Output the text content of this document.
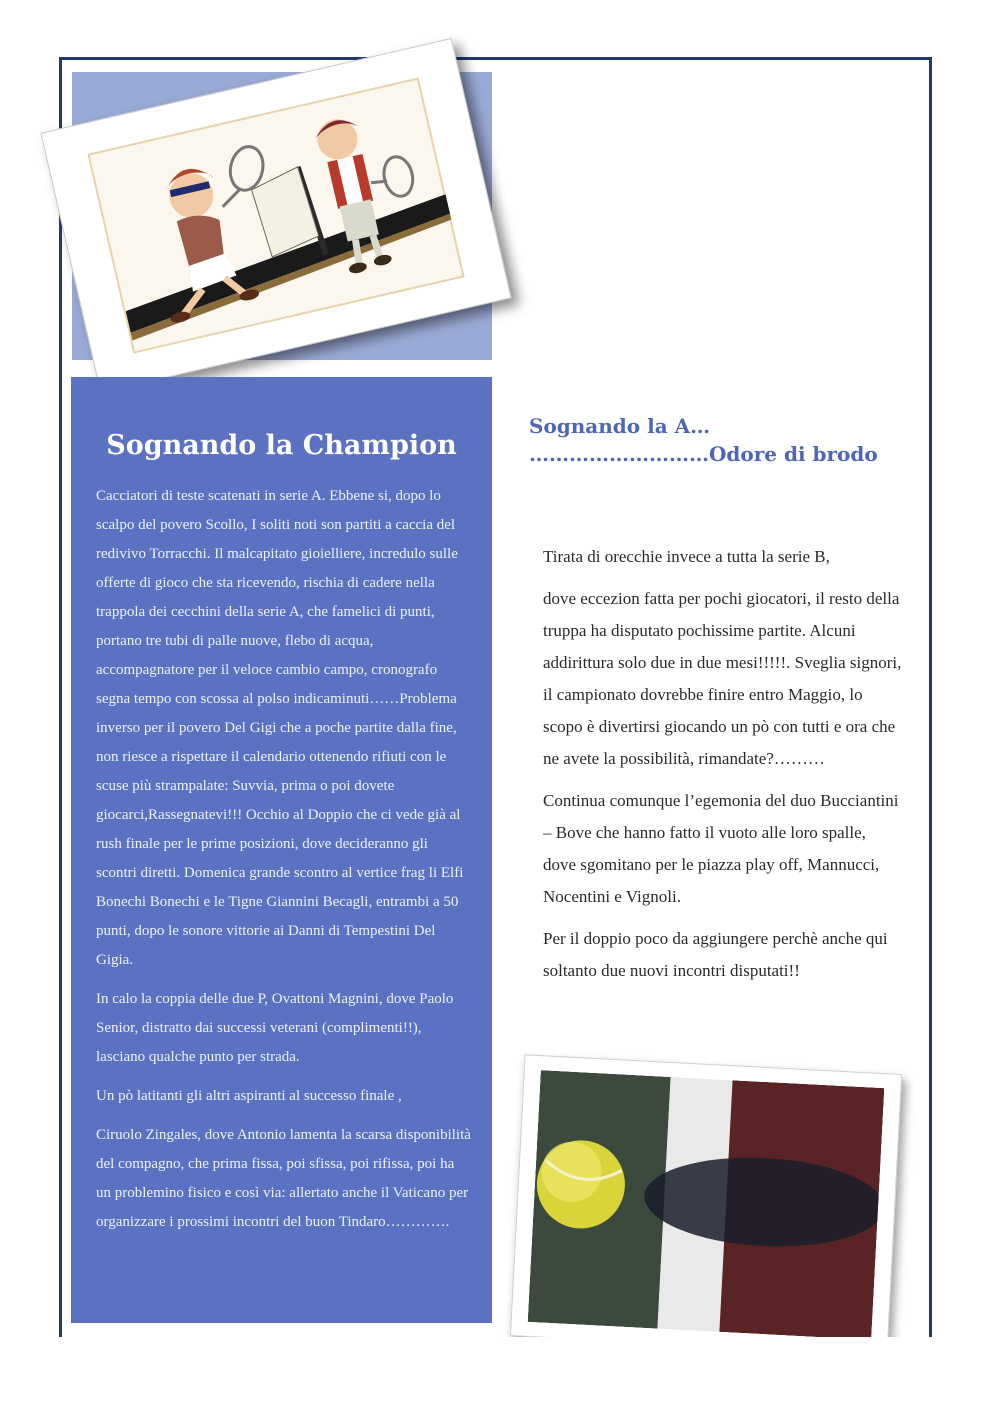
Sognando la Champion

Cacciatori di teste scatenati in serie A. Ebbene si, dopo lo scalpo del povero Scollo, I soliti noti son partiti a caccia del redivivo Torracchi. Il malcapitato gioielliere, incredulo sulle offerte di gioco che sta ricevendo, rischia di cadere nella trappola dei cecchini della serie A, che famelici di punti, portano tre tubi di palle nuove, flebo di acqua, accompagnatore per il veloce cambio campo, cronografo segna tempo con scossa al polso indicaminuti……Problema inverso per il povero Del Gigi che a poche partite dalla fine, non riesce a rispettare il calendario ottenendo rifiuti con le scuse più strampalate: Suvvia, prima o poi dovete giocarci,Rassegnatevi!!! Occhio al Doppio che ci vede già al rush finale per le prime posizioni, dove decideranno gli scontri diretti. Domenica grande scontro al vertice frag li Elfi Bonechi Bonechi e le Tigne Giannini Becagli, entrambi a 50 punti, dopo le sonore vittorie ai Danni di Tempestini Del Gigia.

In calo la coppia delle due P, Ovattoni Magnini, dove Paolo Senior, distratto dai successi veterani (complimenti!!), lasciano qualche punto per strada.

Un pò latitanti gli altri aspiranti al successo finale ,

Ciruolo Zingales, dove Antonio lamenta la scarsa disponibilità del compagno, che prima fissa, poi sfissa, poi rifissa, poi ha un problemino fisico e così via: allertato anche il Vaticano per organizzare i prossimi incontri del buon Tindaro………….

Sognando la A…
………………………Odore di brodo

Tirata di orecchie invece a tutta la serie B,

dove eccezion fatta per pochi giocatori, il resto della truppa ha disputato pochissime partite. Alcuni addirittura solo due in due mesi!!!!!. Sveglia signori, il campionato dovrebbe finire entro Maggio, lo scopo è divertirsi giocando un pò con tutti e ora che ne avete la possibilità, rimandate?………

Continua comunque l’egemonia del duo Bucciantini – Bove che hanno fatto il vuoto alle loro spalle, dove sgomitano per le piazza play off, Mannucci, Nocentini e Vignoli.

Per il doppio poco da aggiungere perchè anche qui soltanto due nuovi incontri disputati!!
